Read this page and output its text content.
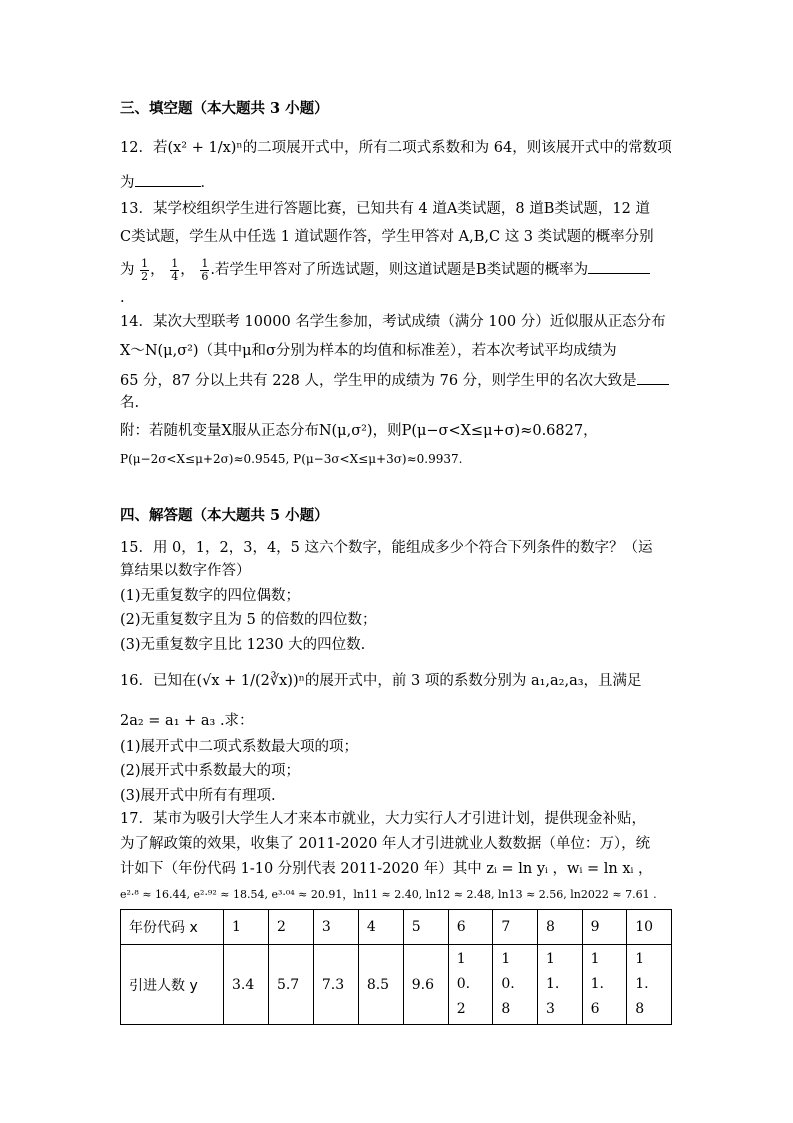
三、填空题（本大题共 3 小题）
12．若(x² + 1/x)ⁿ的二项展开式中，所有二项式系数和为 64，则该展开式中的常数项
为	．
13．某学校组织学生进行答题比赛，已知共有 4 道A类试题，8 道B类试题，12 道
C类试题，学生从中任选 1 道试题作答，学生甲答对 A,B,C 这 3 类试题的概率分别
为 $\frac{1}{2}$ ， $\frac{1}{4}$ ， $\frac{1}{6}$ .若学生甲答对了所选试题，则这道试题是B类试题的概率为
.
14．某次大型联考 10000 名学生参加，考试成绩（满分 100 分）近似服从正态分布
X～N(μ,σ²)（其中μ和σ分别为样本的均值和标准差），若本次考试平均成绩为
65 分，87 分以上共有 228 人，学生甲的成绩为 76 分，则学生甲的名次大致是
名.
附：若随机变量X服从正态分布N(μ,σ²)，则P(μ−σ<X≤μ+σ)≈0.6827，
P(μ−2σ<X≤μ+2σ)≈0.9545, P(μ−3σ<X≤μ+3σ)≈0.9937.
四、解答题（本大题共 5 小题）
15．用 0，1，2，3，4，5 这六个数字，能组成多少个符合下列条件的数字？（运
算结果以数字作答）
(1)无重复数字的四位偶数；
(2)无重复数字且为 5 的倍数的四位数；
(3)无重复数字且比 1230 大的四位数.
16．已知在(√x + 1/(2∛x))ⁿ的展开式中，前 3 项的系数分别为 a₁,a₂,a₃，且满足
2a₂ = a₁ + a₃ .求：
(1)展开式中二项式系数最大项的项；
(2)展开式中系数最大的项；
(3)展开式中所有有理项.
17．某市为吸引大学生人才来本市就业，大力实行人才引进计划，提供现金补贴，
为了解政策的效果，收集了 2011-2020 年人才引进就业人数数据（单位：万），统
计如下（年份代码 1-10 分别代表 2011-2020 年）其中 zᵢ = ln yᵢ ，wᵢ = ln xᵢ ，
e²·⁸ ≈ 16.44, e²·⁹² ≈ 18.54, e³·⁰⁴ ≈ 20.91，ln11 ≈ 2.40, ln12 ≈ 2.48, ln13 ≈ 2.56, ln2022 ≈ 7.61 .
年份代码 x	1	2	3	4	5	6	7	8	9	10
引进人数 y	3.4	5.7	7.3	8.5	9.6	10.2	10.8	11.3	11.6	11.8
